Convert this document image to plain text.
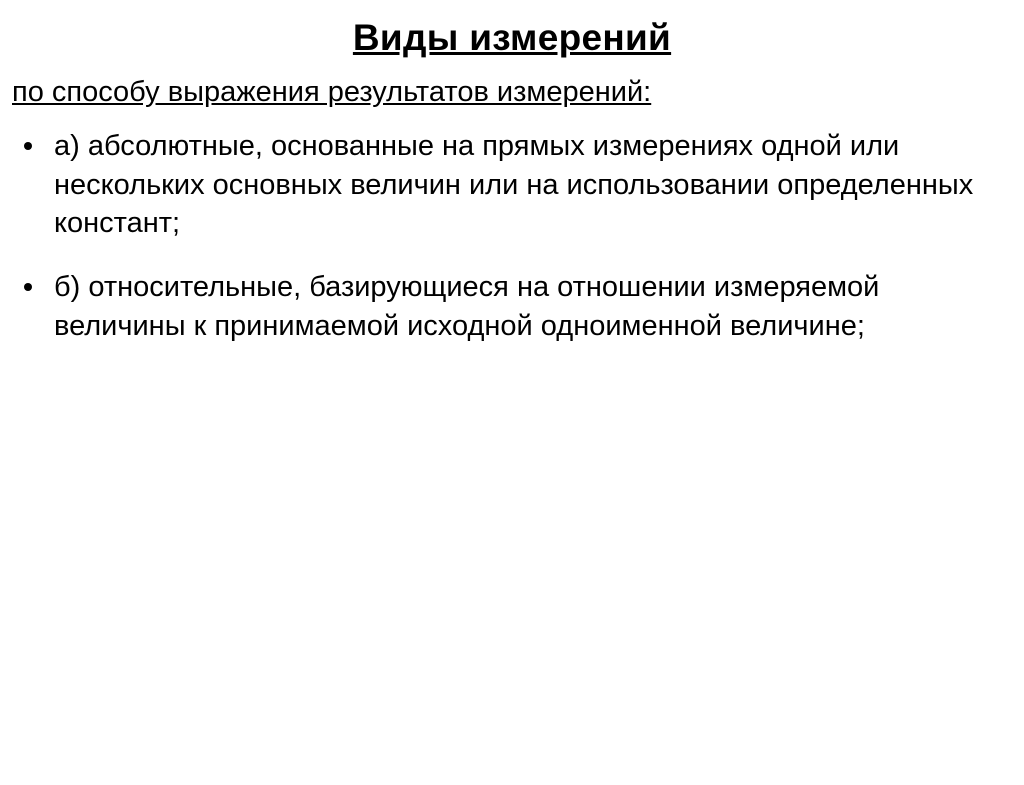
Виды измерений

по способу выражения результатов измерений:

а) абсолютные, основанные на прямых измерениях одной или нескольких основных величин или на использовании определенных констант;
б) относительные, базирующиеся на отношении измеряемой величины к принимаемой исходной одноименной величине;
